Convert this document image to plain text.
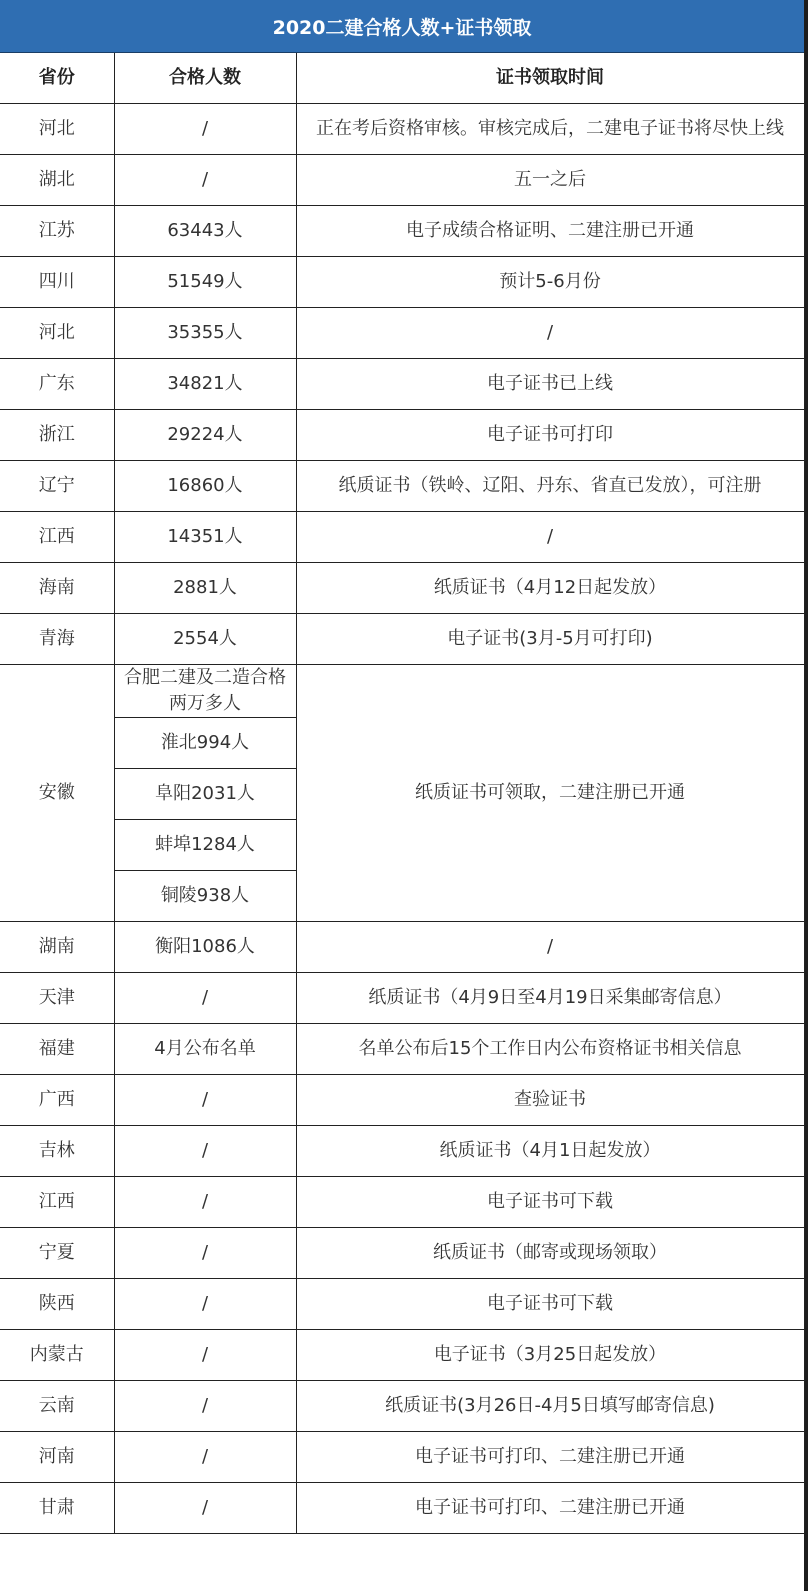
2020二建合格人数+证书领取
省份	合格人数	证书领取时间
河北	/	正在考后资格审核。审核完成后，二建电子证书将尽快上线
湖北	/	五一之后
江苏	63443人	电子成绩合格证明、二建注册已开通
四川	51549人	预计5-6月份
河北	35355人	/
广东	34821人	电子证书已上线
浙江	29224人	电子证书可打印
辽宁	16860人	纸质证书（铁岭、辽阳、丹东、省直已发放），可注册
江西	14351人	/
海南	2881人	纸质证书（4月12日起发放）
青海	2554人	电子证书(3月-5月可打印)
安徽	合肥二建及二造合格两万多人	纸质证书可领取，二建注册已开通
	淮北994人	
	阜阳2031人	
	蚌埠1284人	
	铜陵938人	
湖南	衡阳1086人	/
天津	/	纸质证书（4月9日至4月19日采集邮寄信息）
福建	4月公布名单	名单公布后15个工作日内公布资格证书相关信息
广西	/	查验证书
吉林	/	纸质证书（4月1日起发放）
江西	/	电子证书可下载
宁夏	/	纸质证书（邮寄或现场领取）
陕西	/	电子证书可下载
内蒙古	/	电子证书（3月25日起发放）
云南	/	纸质证书(3月26日-4月5日填写邮寄信息)
河南	/	电子证书可打印、二建注册已开通
甘肃	/	电子证书可打印、二建注册已开通
